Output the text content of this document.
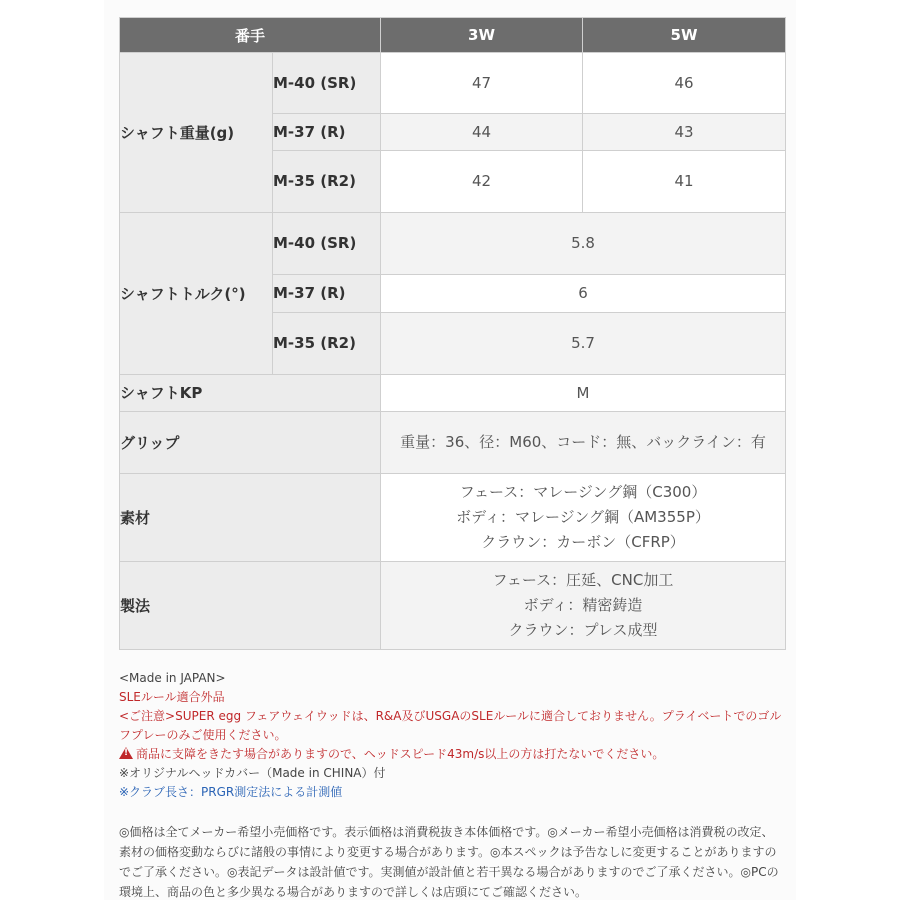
番手		3W	5W
シャフト重量(g)	M-40 (SR)	47	46
	M-37 (R)	44	43
	M-35 (R2)	42	41
シャフトトルク(°)	M-40 (SR)	5.8	
	M-37 (R)	6	
	M-35 (R2)	5.7	
シャフトKP		M	
グリップ		重量：36、径：M60、コード：無、バックライン：有	
素材		フェース：マレージング鋼（C300）
ボディ：マレージング鋼（AM355P）
クラウン：カーボン（CFRP）	

製法		フェース：圧延、CNC加工
ボディ：精密鋳造
クラウン：プレス成型	
<Made in JAPAN>
SLEルール適合外品
<ご注意>SUPER egg フェアウェイウッドは、R&A及びUSGAのSLEルールに適合しておりません。プライベートでのゴルフプレーのみご使用ください。
!商品に支障をきたす場合がありますので、ヘッドスピード43m/s以上の方は打たないでください。
※オリジナルヘッドカバー（Made in CHINA）付
※クラブ長さ：PRGR測定法による計測値
◎価格は全てメーカー希望小売価格です。表示価格は消費税抜き本体価格です。◎メーカー希望小売価格は消費税の改定、素材の価格変動ならびに諸般の事情により変更する場合があります。◎本スペックは予告なしに変更することがありますのでご了承ください。◎表記データは設計値です。実測値が設計値と若干異なる場合がありますのでご了承ください。◎PCの環境上、商品の色と多少異なる場合がありますので詳しくは店頭にてご確認ください。
